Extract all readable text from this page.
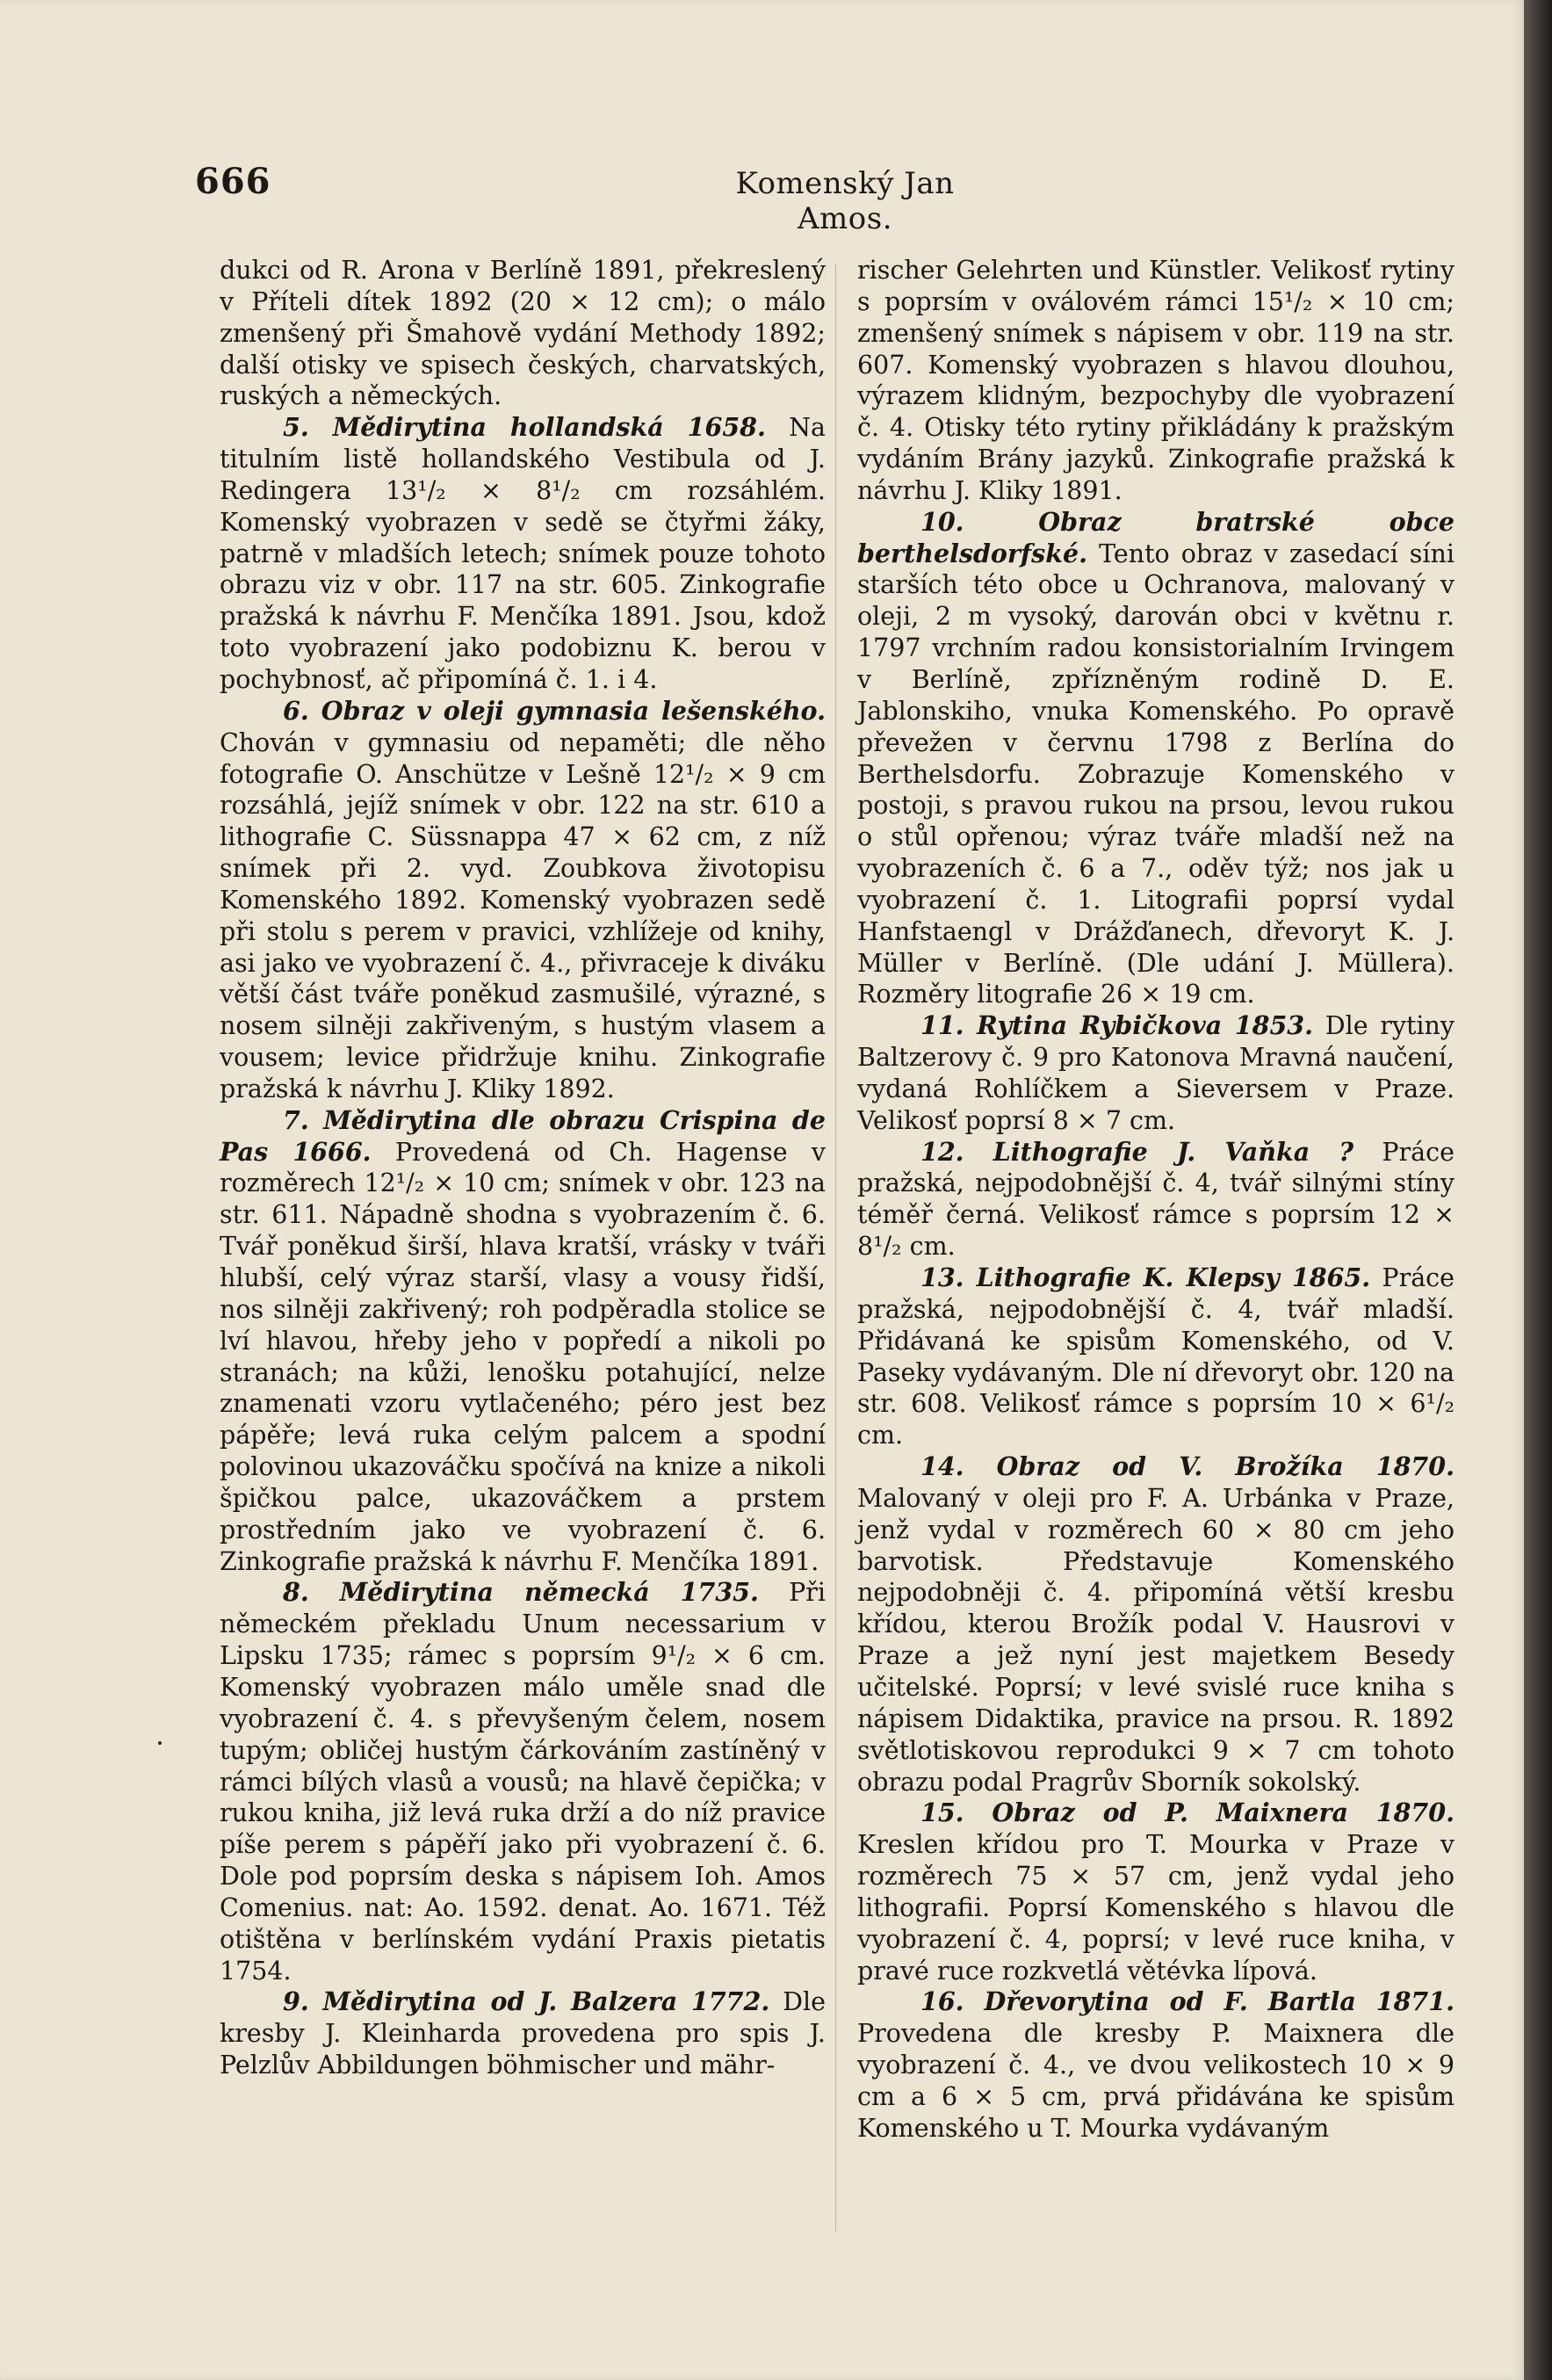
666	Komenský Jan Amos.

dukci od R. Arona v Berlíně 1891, překreslený v Příteli dítek 1892 (20 × 12 cm); o málo zmenšený při Šmahově vydání Methody 1892; další otisky ve spisech českých, charvatských, ruských a německých.

5. Mědirytina hollandská 1658. Na titulním listě hollandského Vestibula od J. Redingera 13¹/₂ × 8¹/₂ cm rozsáhlém. Komenský vyobrazen v sedě se čtyřmi žáky, patrně v mladších letech; snímek pouze tohoto obrazu viz v obr. 117 na str. 605. Zinkografie pražská k návrhu F. Menčíka 1891. Jsou, kdož toto vyobrazení jako podobiznu K. berou v pochybnosť, ač připomíná č. 1. i 4.

6. Obraz v oleji gymnasia lešenského. Chován v gymnasiu od nepaměti; dle něho fotografie O. Anschütze v Lešně 12¹/₂ × 9 cm rozsáhlá, jejíž snímek v obr. 122 na str. 610 a lithografie C. Süssnappa 47 × 62 cm, z níž snímek při 2. vyd. Zoubkova životopisu Komenského 1892. Komenský vyobrazen sedě při stolu s perem v pravici, vzhlížeje od knihy, asi jako ve vyobrazení č. 4., přivraceje k diváku větší část tváře poněkud zasmušilé, výrazné, s nosem silněji zakřiveným, s hustým vlasem a vousem; levice přidržuje knihu. Zinkografie pražská k návrhu J. Kliky 1892.

7. Mědirytina dle obrazu Crispina de Pas 1666. Provedená od Ch. Hagense v rozměrech 12¹/₂ × 10 cm; snímek v obr. 123 na str. 611. Nápadně shodna s vyobrazením č. 6. Tvář poněkud širší, hlava kratší, vrásky v tváři hlubší, celý výraz starší, vlasy a vousy řidší, nos silněji zakřivený; roh podpěradla stolice se lví hlavou, hřeby jeho v popředí a nikoli po stranách; na kůži, lenošku potahující, nelze znamenati vzoru vytlačeného; péro jest bez pápěře; levá ruka celým palcem a spodní polovinou ukazováčku spočívá na knize a nikoli špičkou palce, ukazováčkem a prstem prostředním jako ve vyobrazení č. 6. Zinkografie pražská k návrhu F. Menčíka 1891.

8. Mědirytina německá 1735. Při německém překladu Unum necessarium v Lipsku 1735; rámec s poprsím 9¹/₂ × 6 cm. Komenský vyobrazen málo uměle snad dle vyobrazení č. 4. s převyšeným čelem, nosem tupým; obličej hustým čárkováním zastíněný v rámci bílých vlasů a vousů; na hlavě čepička; v rukou kniha, již levá ruka drží a do níž pravice píše perem s pápěří jako při vyobrazení č. 6. Dole pod poprsím deska s nápisem Ioh. Amos Comenius. nat: Ao. 1592. denat. Ao. 1671. Též otištěna v berlínském vydání Praxis pietatis 1754.

9. Mědirytina od J. Balzera 1772. Dle kresby J. Kleinharda provedena pro spis J. Pelzlův Abbildungen böhmischer und mähr-

rischer Gelehrten und Künstler. Velikosť rytiny s poprsím v oválovém rámci 15¹/₂ × 10 cm; zmenšený snímek s nápisem v obr. 119 na str. 607. Komenský vyobrazen s hlavou dlouhou, výrazem klidným, bezpochyby dle vyobrazení č. 4. Otisky této rytiny přikládány k pražským vydáním Brány jazyků. Zinkografie pražská k návrhu J. Kliky 1891.

10. Obraz bratrské obce berthelsdorfské. Tento obraz v zasedací síni starších této obce u Ochranova, malovaný v oleji, 2 m vysoký, darován obci v květnu r. 1797 vrchním radou konsistorialním Irvingem v Berlíně, zpřízněným rodině D. E. Jablonskiho, vnuka Komenského. Po opravě převežen v červnu 1798 z Berlína do Berthelsdorfu. Zobrazuje Komenského v postoji, s pravou rukou na prsou, levou rukou o stůl opřenou; výraz tváře mladší než na vyobrazeních č. 6 a 7., oděv týž; nos jak u vyobrazení č. 1. Litografii poprsí vydal Hanfstaengl v Drážďanech, dřevoryt K. J. Müller v Berlíně. (Dle udání J. Müllera). Rozměry litografie 26 × 19 cm.

11. Rytina Rybičkova 1853. Dle rytiny Baltzerovy č. 9 pro Katonova Mravná naučení, vydaná Rohlíčkem a Sieversem v Praze. Velikosť poprsí 8 × 7 cm.

12. Lithografie J. Vaňka ? Práce pražská, nejpodobnější č. 4, tvář silnými stíny téměř černá. Velikosť rámce s poprsím 12 × 8¹/₂ cm.

13. Lithografie K. Klepsy 1865. Práce pražská, nejpodobnější č. 4, tvář mladší. Přidávaná ke spisům Komenského, od V. Paseky vydávaným. Dle ní dřevoryt obr. 120 na str. 608. Velikosť rámce s poprsím 10 × 6¹/₂ cm.

14. Obraz od V. Brožíka 1870. Malovaný v oleji pro F. A. Urbánka v Praze, jenž vydal v rozměrech 60 × 80 cm jeho barvotisk. Představuje Komenského nejpodobněji č. 4. připomíná větší kresbu křídou, kterou Brožík podal V. Hausrovi v Praze a jež nyní jest majetkem Besedy učitelské. Poprsí; v levé svislé ruce kniha s nápisem Didaktika, pravice na prsou. R. 1892 světlotiskovou reprodukci 9 × 7 cm tohoto obrazu podal Pragrův Sborník sokolský.

15. Obraz od P. Maixnera 1870. Kreslen křídou pro T. Mourka v Praze v rozměrech 75 × 57 cm, jenž vydal jeho lithografii. Poprsí Komenského s hlavou dle vyobrazení č. 4, poprsí; v levé ruce kniha, v pravé ruce rozkvetlá větévka lípová.

16. Dřevorytina od F. Bartla 1871. Provedena dle kresby P. Maixnera dle vyobrazení č. 4., ve dvou velikostech 10 × 9 cm a 6 × 5 cm, prvá přidávána ke spisům Komenského u T. Mourka vydávaným
